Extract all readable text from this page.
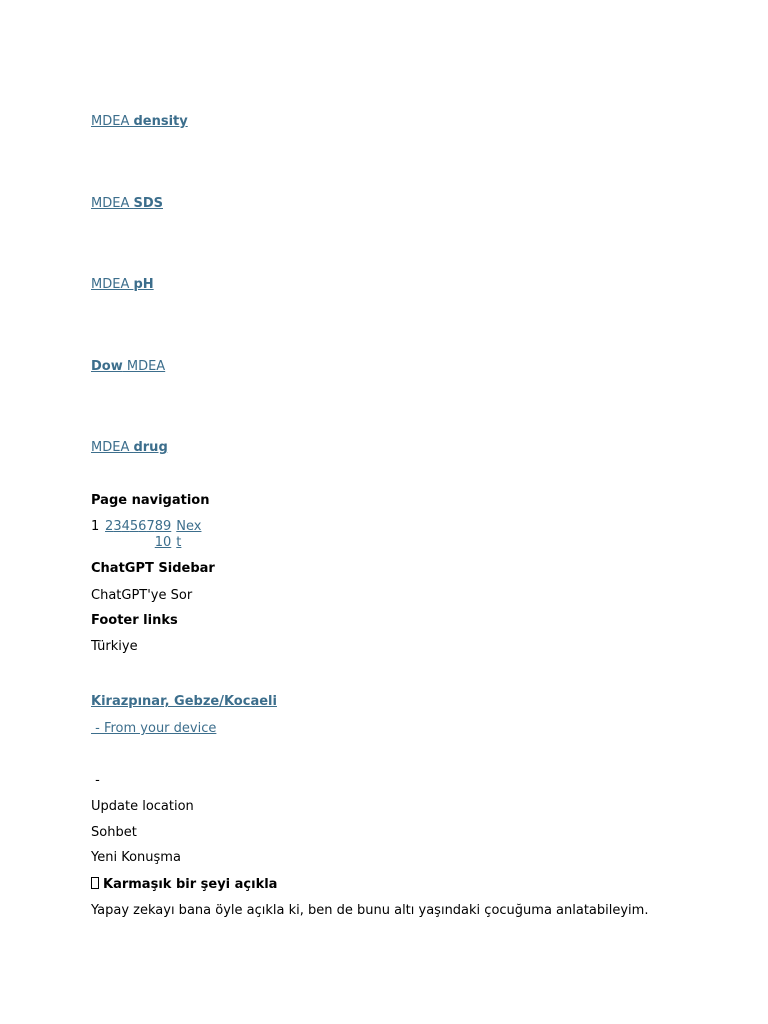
MDEA density
MDEA SDS
MDEA pH
Dow MDEA
MDEA drug
Page navigation
1 2345678910
Next
ChatGPT Sidebar
ChatGPT'ye Sor
Footer links
Türkiye
Kirazpınar, Gebze/Kocaeli
- From your device
-
Update location
Sohbet
Yeni Konuşma
Karmaşık bir şeyi açıkla
Yapay zekayı bana öyle açıkla ki, ben de bunu altı yaşındaki çocuğuma anlatabileyim.
